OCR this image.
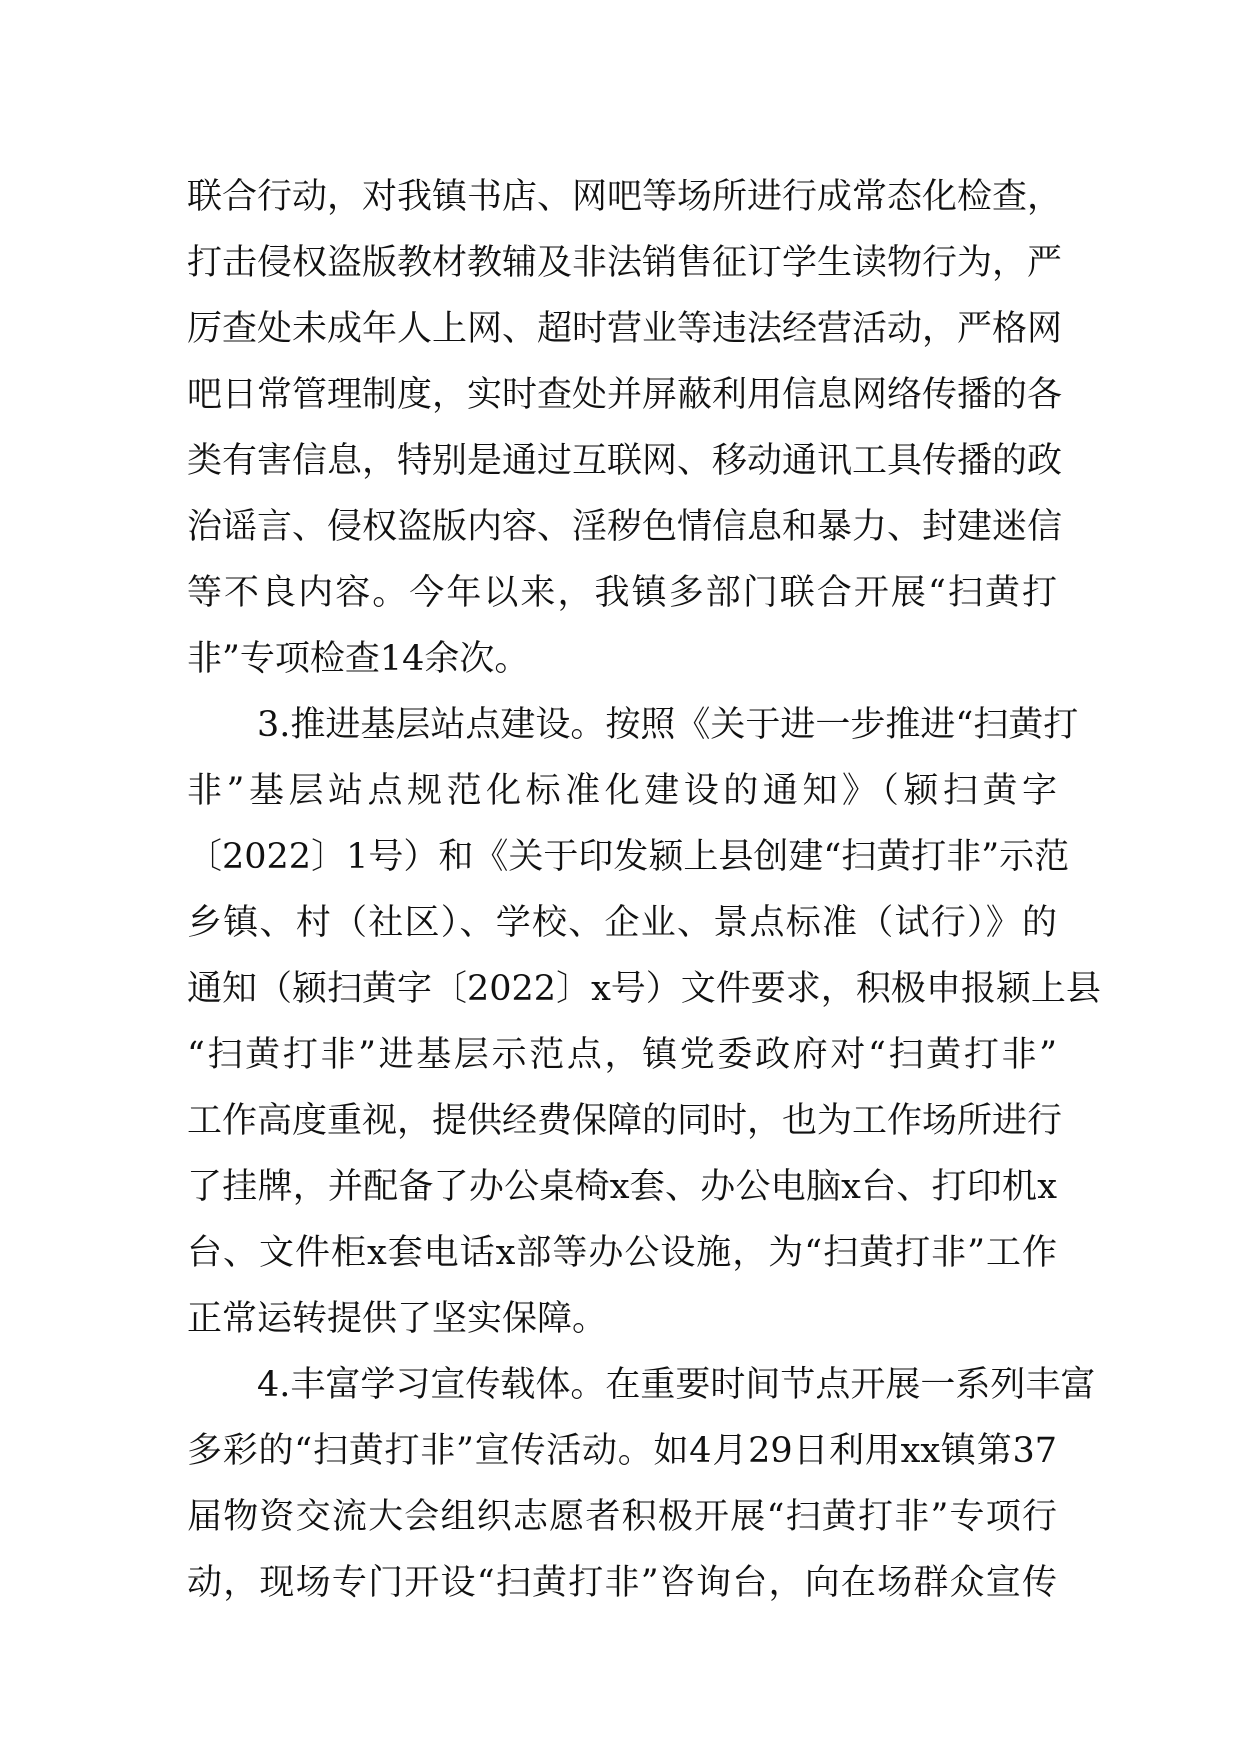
联合行动，对我镇书店、网吧等场所进行成常态化检查，
打击侵权盗版教材教辅及非法销售征订学生读物行为，严
厉查处未成年人上网、超时营业等违法经营活动，严格网
吧日常管理制度，实时查处并屏蔽利用信息网络传播的各
类有害信息，特别是通过互联网、移动通讯工具传播的政
治谣言、侵权盗版内容、淫秽色情信息和暴力、封建迷信
等不良内容。今年以来，我镇多部门联合开展“扫黄打
非”专项检查14余次。
3.推进基层站点建设。按照《关于进一步推进“扫黄打
非”基层站点规范化标准化建设的通知》（颍扫黄字
〔2022〕1号）和《关于印发颍上县创建“扫黄打非”示范
乡镇、村（社区）、学校、企业、景点标准（试行）》的
通知（颍扫黄字〔2022〕x号）文件要求，积极申报颍上县
“扫黄打非”进基层示范点，镇党委政府对“扫黄打非”
工作高度重视，提供经费保障的同时，也为工作场所进行
了挂牌，并配备了办公桌椅x套、办公电脑x台、打印机x
台、文件柜x套电话x部等办公设施，为“扫黄打非”工作
正常运转提供了坚实保障。
4.丰富学习宣传载体。在重要时间节点开展一系列丰富
多彩的“扫黄打非”宣传活动。如4月29日利用xx镇第37
届物资交流大会组织志愿者积极开展“扫黄打非”专项行
动，现场专门开设“扫黄打非”咨询台，向在场群众宣传
